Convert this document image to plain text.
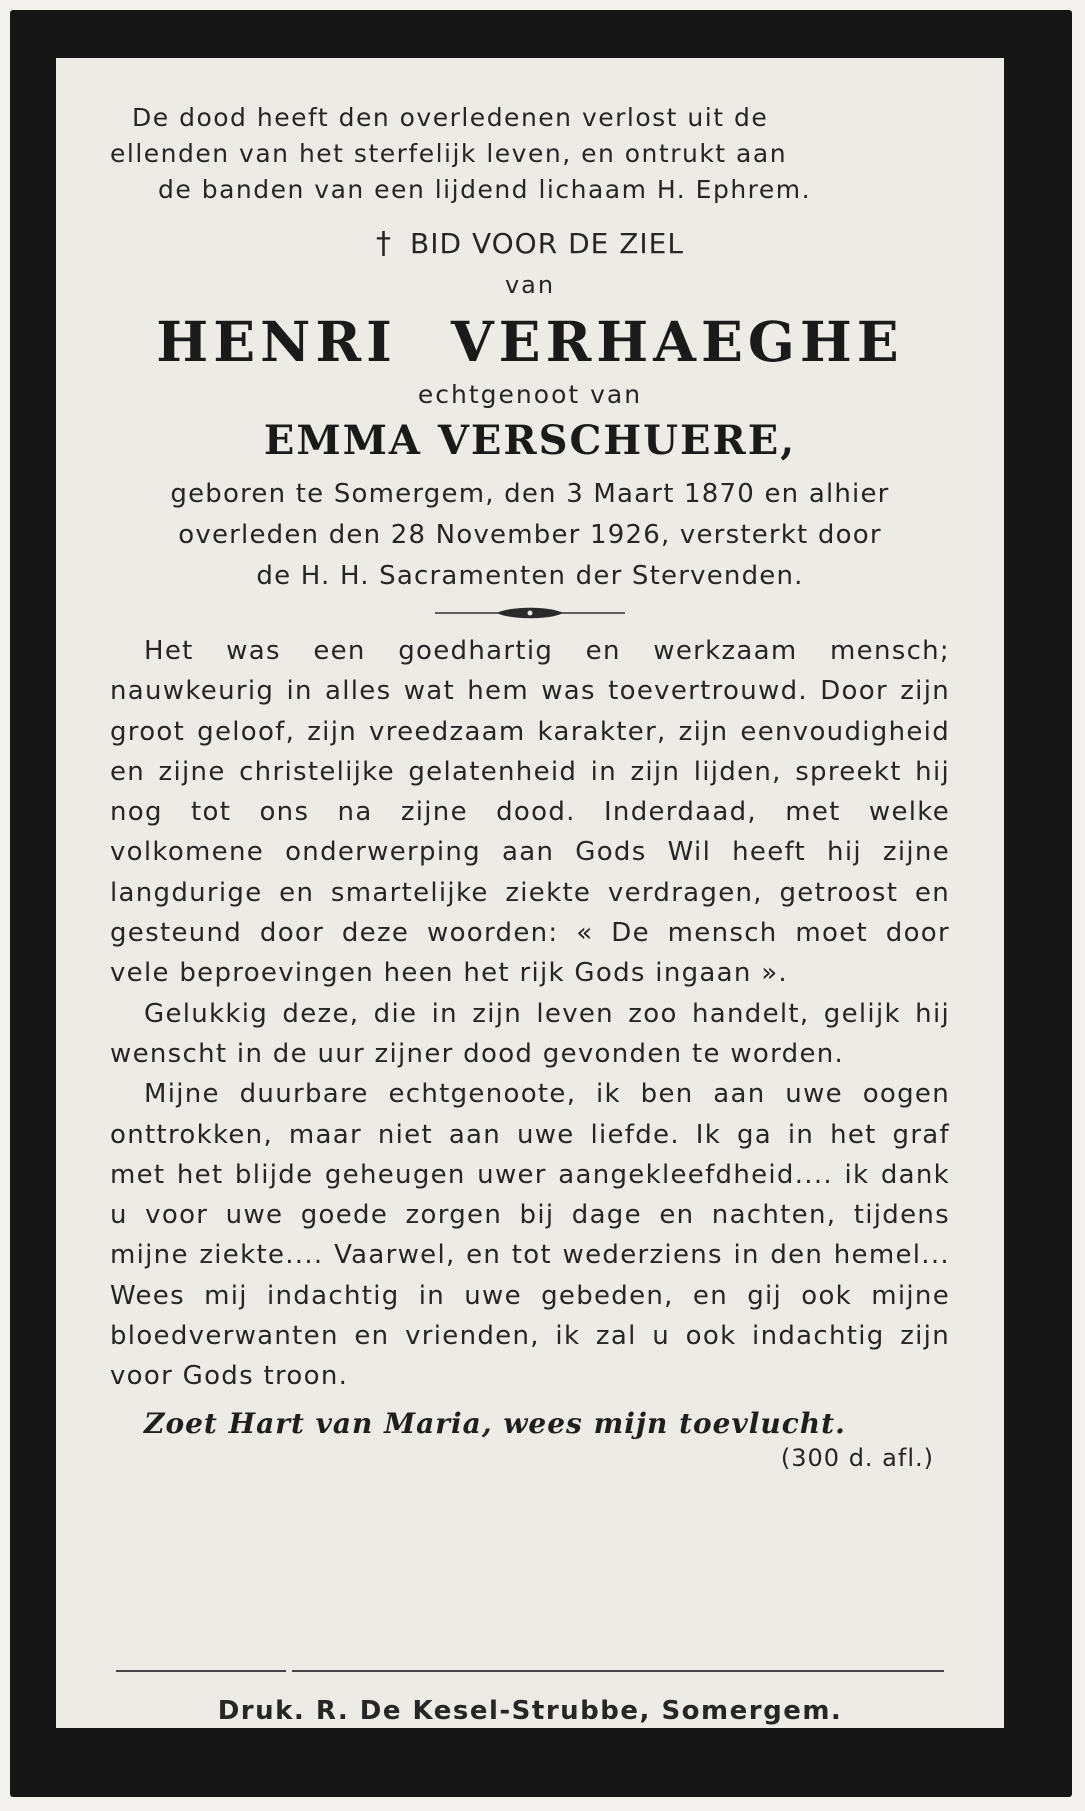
De dood heeft den overledenen verlost uit de
ellenden van het sterfelijk leven, en ontrukt aan
de banden van een lijdend lichaam H. Ephrem.
† BID VOOR DE ZIEL
van
HENRI VERHAEGHE
echtgenoot van
EMMA VERSCHUERE,
geboren te Somergem, den 3 Maart 1870 en alhier
overleden den 28 November 1926, versterkt door
de H. H. Sacramenten der Stervenden.

Het was een goedhartig en werkzaam mensch; nauwkeurig in alles wat hem was toevertrouwd. Door zijn groot geloof, zijn vreedzaam karakter, zijn eenvoudigheid en zijne christelijke gelatenheid in zijn lijden, spreekt hij nog tot ons na zijne dood. Inderdaad, met welke volkomene onderwerping aan Gods Wil heeft hij zijne langdurige en smartelijke ziekte verdragen, getroost en gesteund door deze woorden: « De mensch moet door vele beproevingen heen het rijk Gods ingaan ».

Gelukkig deze, die in zijn leven zoo handelt, gelijk hij wenscht in de uur zijner dood gevonden te worden.

Mijne duurbare echtgenoote, ik ben aan uwe oogen onttrokken, maar niet aan uwe liefde. Ik ga in het graf met het blijde geheugen uwer aangekleefdheid.... ik dank u voor uwe goede zorgen bij dage en nachten, tijdens mijne ziekte.... Vaarwel, en tot wederziens in den hemel... Wees mij indachtig in uwe gebeden, en gij ook mijne bloedverwanten en vrienden, ik zal u ook indachtig zijn voor Gods troon.

Zoet Hart van Maria, wees mijn toevlucht.
(300 d. afl.)
Druk. R. De Kesel-Strubbe, Somergem.
